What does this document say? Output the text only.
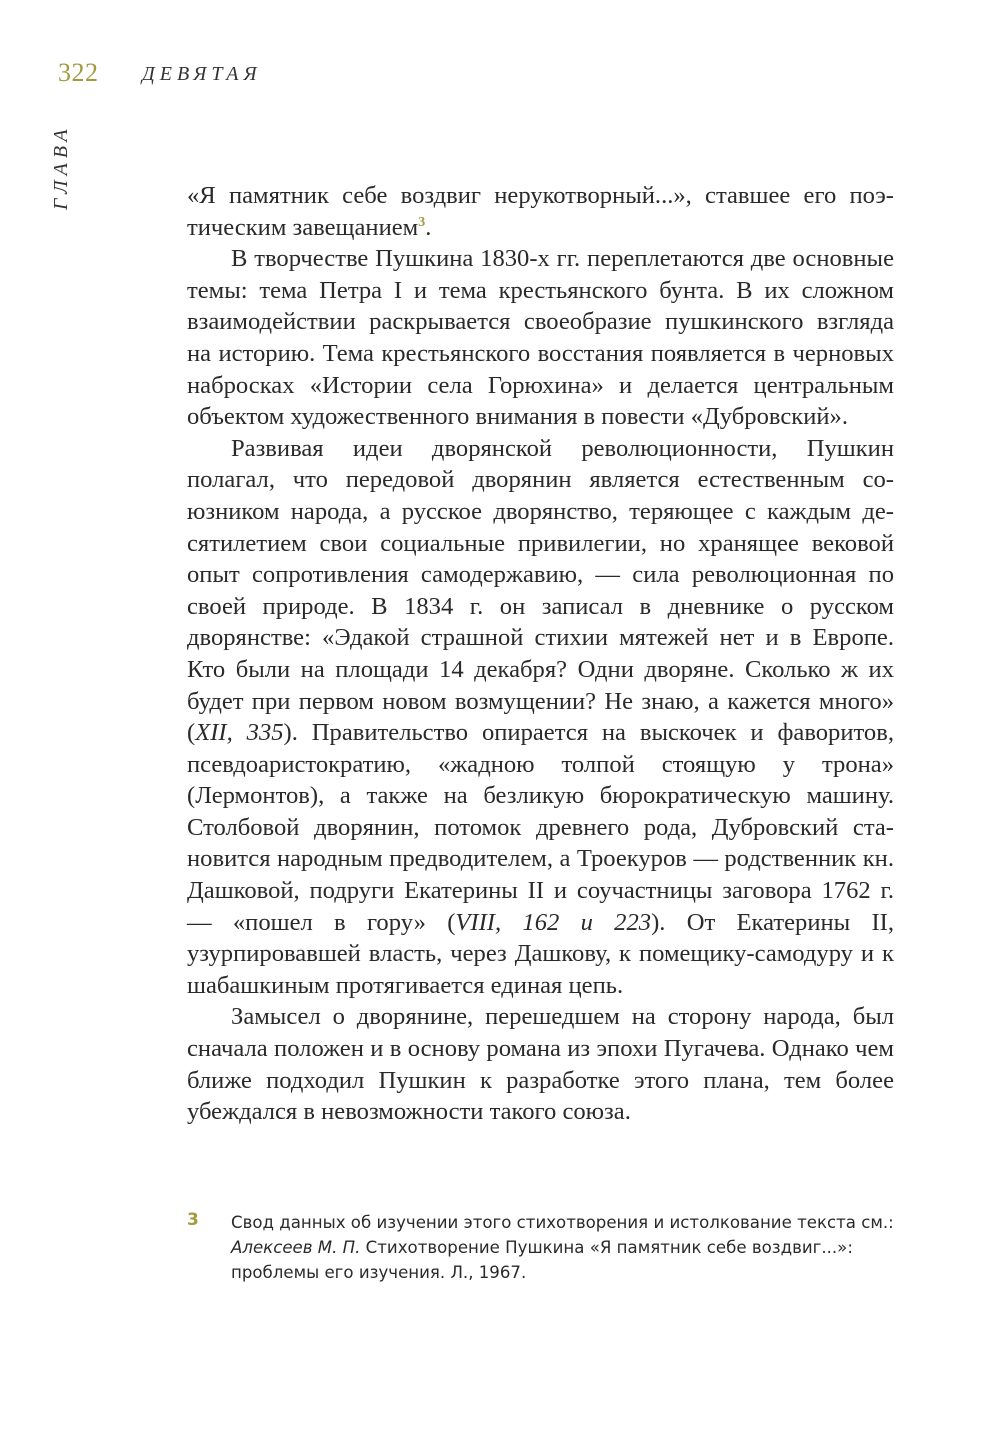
322 ДЕВЯТАЯ
ГЛАВА	«Я памятник себе воздвиг нерукотворный...», ставшее его поэтическим завещанием$^3$.

В творчестве Пушкина 1830-х гг. переплетаются две основные темы: тема Петра I и тема крестьянского бунта. В их сложном взаимодействии раскрывается своеобразие пушкинского взгляда на историю. Тема крестьянского восстания появляется в черновых набросках «Истории села Горюхина» и делается центральным объектом художественного внимания в повести «Дубровский».

Развивая идеи дворянской революционности, Пушкин полагал, что передовой дворянин является естественным союзником народа, а русское дворянство, теряющее с каждым десятилетием свои социальные привилегии, но хранящее вековой опыт сопротивления самодержавию, — сила революционная по своей природе. В 1834 г. он записал в дневнике о русском дворянстве: «Эдакой страшной стихии мятежей нет и в Европе. Кто были на площади 14 декабря? Одни дворяне. Сколько ж их будет при первом новом возмущении? Не знаю, а кажется много» (XII, 335). Правительство опирается на выскочек и фаворитов, псевдоаристократию, «жадною толпой стоящую у трона» (Лермонтов), а также на безликую бюрократическую машину. Столбовой дворянин, потомок древнего рода, Дубровский становится народным предводителем, а Троекуров — родственник кн. Дашковой, подруги Екатерины II и соучастницы заговора 1762 г. — «пошел в гору» (VIII, 162 и 223). От Екатерины II, узурпировавшей власть, через Дашкову, к помещику-самодуру и к шабашкиным протягивается единая цепь.

Замысел о дворянине, перешедшем на сторону народа, был сначала положен и в основу романа из эпохи Пугачева. Однако чем ближе подходил Пушкин к разработке этого плана, тем более убеждался в невозможности такого союза.

3 Свод данных об изучении этого стихотворения и истолкование текста см.: Алексеев М. П. Стихотворение Пушкина «Я памятник себе воздвиг...»: проблемы его изучения. Л., 1967.
